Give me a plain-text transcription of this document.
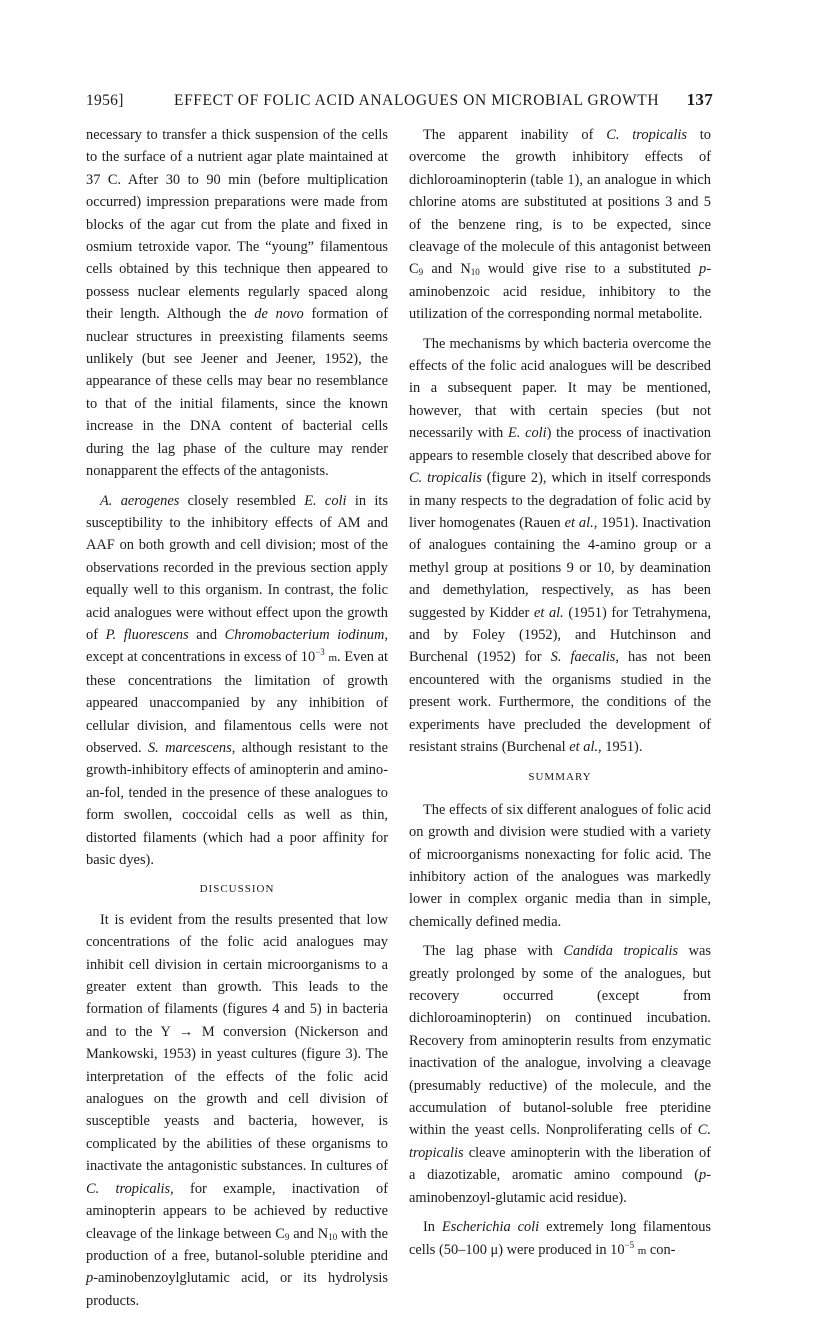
1956]	EFFECT OF FOLIC ACID ANALOGUES ON MICROBIAL GROWTH 137

necessary to transfer a thick suspension of the cells to the surface of a nutrient agar plate maintained at 37 C. After 30 to 90 min (before multiplication occurred) impression preparations were made from blocks of the agar cut from the plate and fixed in osmium tetroxide vapor. The “young” filamentous cells obtained by this technique then appeared to possess nuclear elements regularly spaced along their length. Although the de novo formation of nuclear structures in preexisting filaments seems unlikely (but see Jeener and Jeener, 1952), the appearance of these cells may bear no resemblance to that of the initial filaments, since the known increase in the DNA content of bacterial cells during the lag phase of the culture may render nonapparent the effects of the antagonists.

A. aerogenes closely resembled E. coli in its susceptibility to the inhibitory effects of AM and AAF on both growth and cell division; most of the observations recorded in the previous section apply equally well to this organism. In contrast, the folic acid analogues were without effect upon the growth of P. fluorescens and Chromobacterium iodinum, except at concentrations in excess of $10^{-3}$ m. Even at these concentrations the limitation of growth appeared unaccompanied by any inhibition of cellular division, and filamentous cells were not observed. S. marcescens, although resistant to the growth-inhibitory effects of aminopterin and amino-an-fol, tended in the presence of these analogues to form swollen, coccoidal cells as well as thin, distorted filaments (which had a poor affinity for basic dyes).

DISCUSSION

It is evident from the results presented that low concentrations of the folic acid analogues may inhibit cell division in certain microorganisms to a greater extent than growth. This leads to the formation of filaments (figures 4 and 5) in bacteria and to the Y → M conversion (Nickerson and Mankowski, 1953) in yeast cultures (figure 3). The interpretation of the effects of the folic acid analogues on the growth and cell division of susceptible yeasts and bacteria, however, is complicated by the abilities of these organisms to inactivate the antagonistic substances. In cultures of C. tropicalis, for example, inactivation of aminopterin appears to be achieved by reductive cleavage of the linkage between $C_9$ and $N_{10}$ with the production of a free, butanol-soluble pteridine and p-aminobenzoylglutamic acid, or its hydrolysis products.

The apparent inability of C. tropicalis to overcome the growth inhibitory effects of dichloroaminopterin (table 1), an analogue in which chlorine atoms are substituted at positions 3 and 5 of the benzene ring, is to be expected, since cleavage of the molecule of this antagonist between $C_9$ and $N_{10}$ would give rise to a substituted p-aminobenzoic acid residue, inhibitory to the utilization of the corresponding normal metabolite.

The mechanisms by which bacteria overcome the effects of the folic acid analogues will be described in a subsequent paper. It may be mentioned, however, that with certain species (but not necessarily with E. coli) the process of inactivation appears to resemble closely that described above for C. tropicalis (figure 2), which in itself corresponds in many respects to the degradation of folic acid by liver homogenates (Rauen et al., 1951). Inactivation of analogues containing the 4-amino group or a methyl group at positions 9 or 10, by deamination and demethylation, respectively, as has been suggested by Kidder et al. (1951) for Tetrahymena, and by Foley (1952), and Hutchinson and Burchenal (1952) for S. faecalis, has not been encountered with the organisms studied in the present work. Furthermore, the conditions of the experiments have precluded the development of resistant strains (Burchenal et al., 1951).

SUMMARY

The effects of six different analogues of folic acid on growth and division were studied with a variety of microorganisms nonexacting for folic acid. The inhibitory action of the analogues was markedly lower in complex organic media than in simple, chemically defined media.

The lag phase with Candida tropicalis was greatly prolonged by some of the analogues, but recovery occurred (except from dichloroaminopterin) on continued incubation. Recovery from aminopterin results from enzymatic inactivation of the analogue, involving a cleavage (presumably reductive) of the molecule, and the accumulation of butanol-soluble free pteridine within the yeast cells. Nonproliferating cells of C. tropicalis cleave aminopterin with the liberation of a diazotizable, aromatic amino compound (p-aminobenzoyl-glutamic acid residue).

In Escherichia coli extremely long filamentous cells (50–100 μ) were produced in $10^{-5}$ m con-
